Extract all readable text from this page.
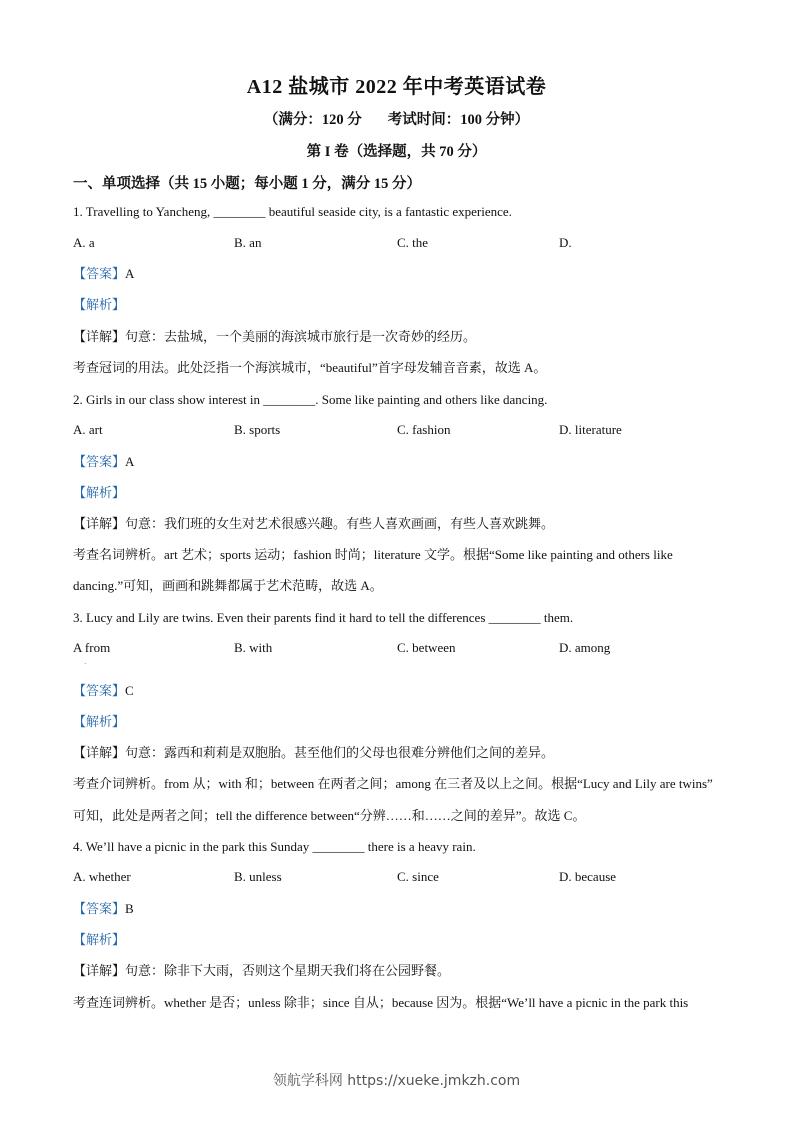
A12 盐城市 2022 年中考英语试卷
（满分：120 分 考试时间：100 分钟）
第 I 卷（选择题，共 70 分）
一、单项选择（共 15 小题；每小题 1 分，满分 15 分）
1. Travelling to Yancheng, ________ beautiful seaside city, is a fantastic experience.
A. a	B. an	C. the	D.
【答案】A
【解析】
【详解】句意：去盐城，一个美丽的海滨城市旅行是一次奇妙的经历。
考查冠词的用法。此处泛指一个海滨城市，“beautiful”首字母发辅音音素，故选 A。
2. Girls in our class show interest in ________. Some like painting and others like dancing.
A. art	B. sports	C. fashion	D. literature
【答案】A
【解析】
【详解】句意：我们班的女生对艺术很感兴趣。有些人喜欢画画，有些人喜欢跳舞。
考查名词辨析。art 艺术；sports 运动；fashion 时尚；literature 文学。根据“Some like painting and others like
dancing.”可知，画画和跳舞都属于艺术范畴，故选 A。
3. Lucy and Lily are twins. Even their parents find it hard to tell the differences ________ them.
A from	B. with	C. between	D. among
·
【答案】C
【解析】
【详解】句意：露西和莉莉是双胞胎。甚至他们的父母也很难分辨他们之间的差异。
考查介词辨析。from 从；with 和；between 在两者之间；among 在三者及以上之间。根据“Lucy and Lily are twins”
可知，此处是两者之间；tell the difference between“分辨……和……之间的差异”。故选 C。
4. We’ll have a picnic in the park this Sunday ________ there is a heavy rain.
A. whether	B. unless	C. since	D. because
【答案】B
【解析】
【详解】句意：除非下大雨，否则这个星期天我们将在公园野餐。
考查连词辨析。whether 是否；unless 除非；since 自从；because 因为。根据“We’ll have a picnic in the park this
领航学科网 https://xueke.jmkzh.com
